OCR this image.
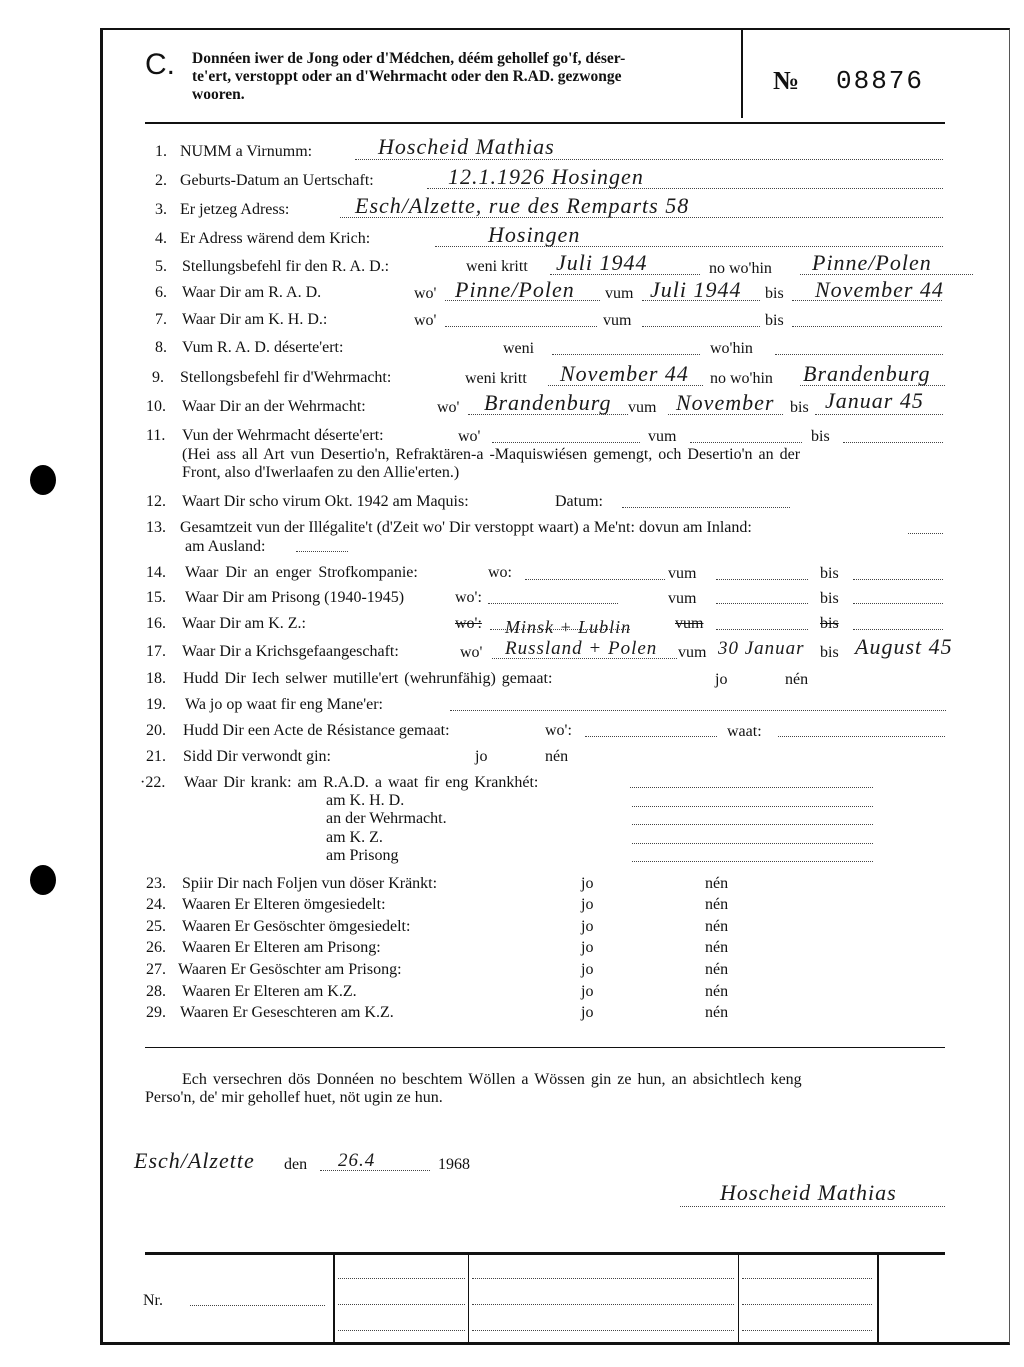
C. Donnéen iwer de Jong oder d'Médchen, déém gehollef go'f, déser-
te'ert, verstoppt oder an d'Wehrmacht oder den R.AD. gezwonge
wooren.	№ 08876
1. NUMM a Virnumm:	Hoscheid Mathias
2. Geburts-Datum an Uertschaft:	12.1.1926 Hosingen
3. Er jetzeg Adress:	Esch/Alzette, rue des Remparts 58
4. Er Adress wärend dem Krich:	Hosingen
5. Stellungsbefehl fir den R. A. D.:	weni kritt Juli 1944	no wo'hin Pinne/Polen
6. Waar Dir am R. A. D.	wo' Pinne/Polen vum Juli 1944 bis November 44
7. Waar Dir am K. H. D.:	wo'	vum	bis
8. Vum R. A. D. déserte'ert:	weni	wo'hin
9. Stellongsbefehl fir d'Wehrmacht:	weni kritt November 44 no wo'hin Brandenburg
10. Waar Dir an der Wehrmacht:	wo' Brandenburg vum November bis Januar 45
11. Vun der Wehrmacht déserte'ert:	wo'	vum	bis
(Hei ass all Art vun Desertio'n, Refraktären-a -Maquiswiésen gemengt, och Desertio'n an der
Front, also d'Iwerlaafen zu den Allie'erten.)
12. Waart Dir scho virum Okt. 1942 am Maquis:	Datum:
13. Gesamtzeit vun der Illégalite't (d'Zeit wo' Dir verstoppt waart) a Me'nt: dovun am Inland:
am Ausland:
14. Waar Dir an enger Strofkompanie:	wo:	vum	bis
15. Waar Dir am Prisong (1940-1945)	wo':	vum	bis
16. Waar Dir am K. Z.:	wo': Minsk + Lublin	vum	bis
17. Waar Dir a Krichsgefaangeschaft:	wo' Russland + Polen vum 30 Januar bis August 45
18. Hudd Dir Iech selwer mutille'ert (wehrunfähig) gemaat:	jo	nén
19. Wa jo op waat fir eng Mane'er:
20. Hudd Dir een Acte de Résistance gemaat:	wo':	waat:
21. Sidd Dir verwondt gin:	jo	nén
·22. Waar Dir krank: am R.A.D. a waat fir eng Krankhét:
am K. H. D.
an der Wehrmacht.
am K. Z.
am Prisong
23. Spiir Dir nach Foljen vun döser Kränkt:	jo	nén
24. Waaren Er Elteren ömgesiedelt:	jo	nén
25. Waaren Er Gesöschter ömgesiedelt:	jo	nén
26. Waaren Er Elteren am Prisong:	jo	nén
27. Waaren Er Gesöschter am Prisong:	jo	nén
28. Waaren Er Elteren am K.Z.	jo	nén
29. Waaren Er Geseschteren am K.Z.	jo	nén
Ech versechren dös Donnéen no beschtem Wöllen a Wössen gin ze hun, an absichtlech keng
Perso'n, de' mir gehollef huet, nöt ugin ze hun.
Esch/Alzette den 26.4	1968
Hoscheid Mathias
Nr.
